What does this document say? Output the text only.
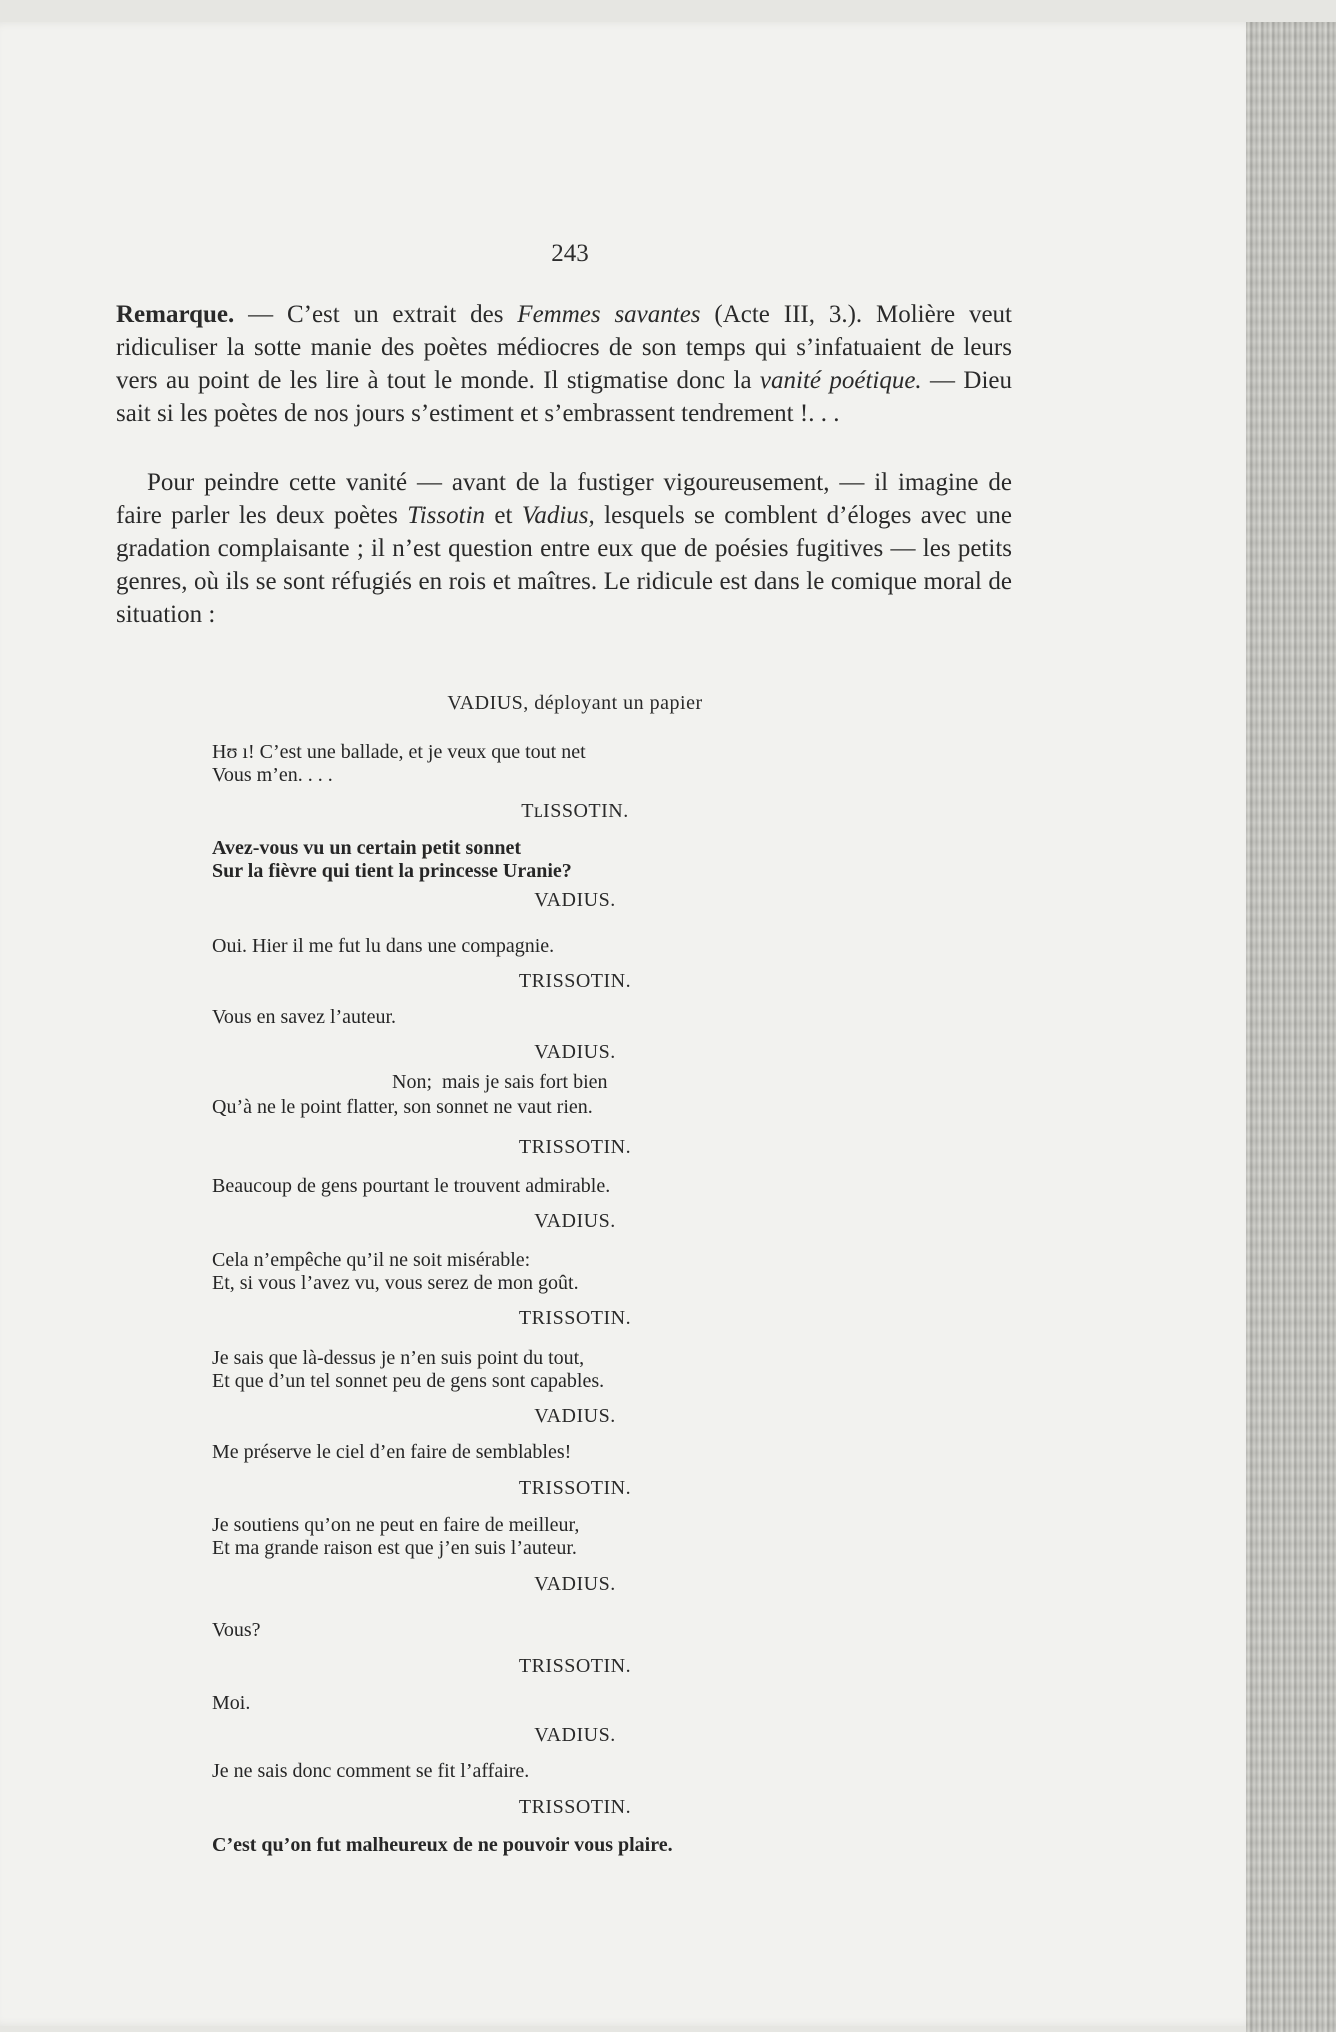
243

Remarque. — C’est un extrait des Femmes savantes (Acte III, 3.). Molière veut ridiculiser la sotte manie des poètes médiocres de son temps qui s’infatuaient de leurs vers au point de les lire à tout le monde. Il stigmatise donc la vanité poétique. — Dieu sait si les poètes de nos jours s’estiment et s’embrassent tendrement !. . .

Pour peindre cette vanité — avant de la fustiger vigoureusement, — il imagine de faire parler les deux poètes Tissotin et Vadius, lesquels se comblent d’éloges avec une gradation complaisante ; il n’est question entre eux que de poésies fugitives — les petits genres, où ils se sont réfugiés en rois et maîtres. Le ridicule est dans le comique moral de situation :

VADIUS, déployant un papier
Hʊ ı! C’est une ballade, et je veux que tout net
Vous m’en. . . .
TʟISSOTIN.
Avez-vous vu un certain petit sonnet
Sur la fièvre qui tient la princesse Uranie?
VADIUS.
Oui. Hier il me fut lu dans une compagnie.
TRISSOTIN.
Vous en savez l’auteur.
VADIUS.
Non;  mais je sais fort bien
Qu’à ne le point flatter, son sonnet ne vaut rien.
TRISSOTIN.
Beaucoup de gens pourtant le trouvent admirable.
VADIUS.
Cela n’empêche qu’il ne soit misérable:
Et, si vous l’avez vu, vous serez de mon goût.
TRISSOTIN.
Je sais que là-dessus je n’en suis point du tout,
Et que d’un tel sonnet peu de gens sont capables.
VADIUS.
Me préserve le ciel d’en faire de semblables!
TRISSOTIN.
Je soutiens qu’on ne peut en faire de meilleur,
Et ma grande raison est que j’en suis l’auteur.
VADIUS.
Vous?
TRISSOTIN.
Moi.
VADIUS.
Je ne sais donc comment se fit l’affaire.
TRISSOTIN.
C’est qu’on fut malheureux de ne pouvoir vous plaire.
